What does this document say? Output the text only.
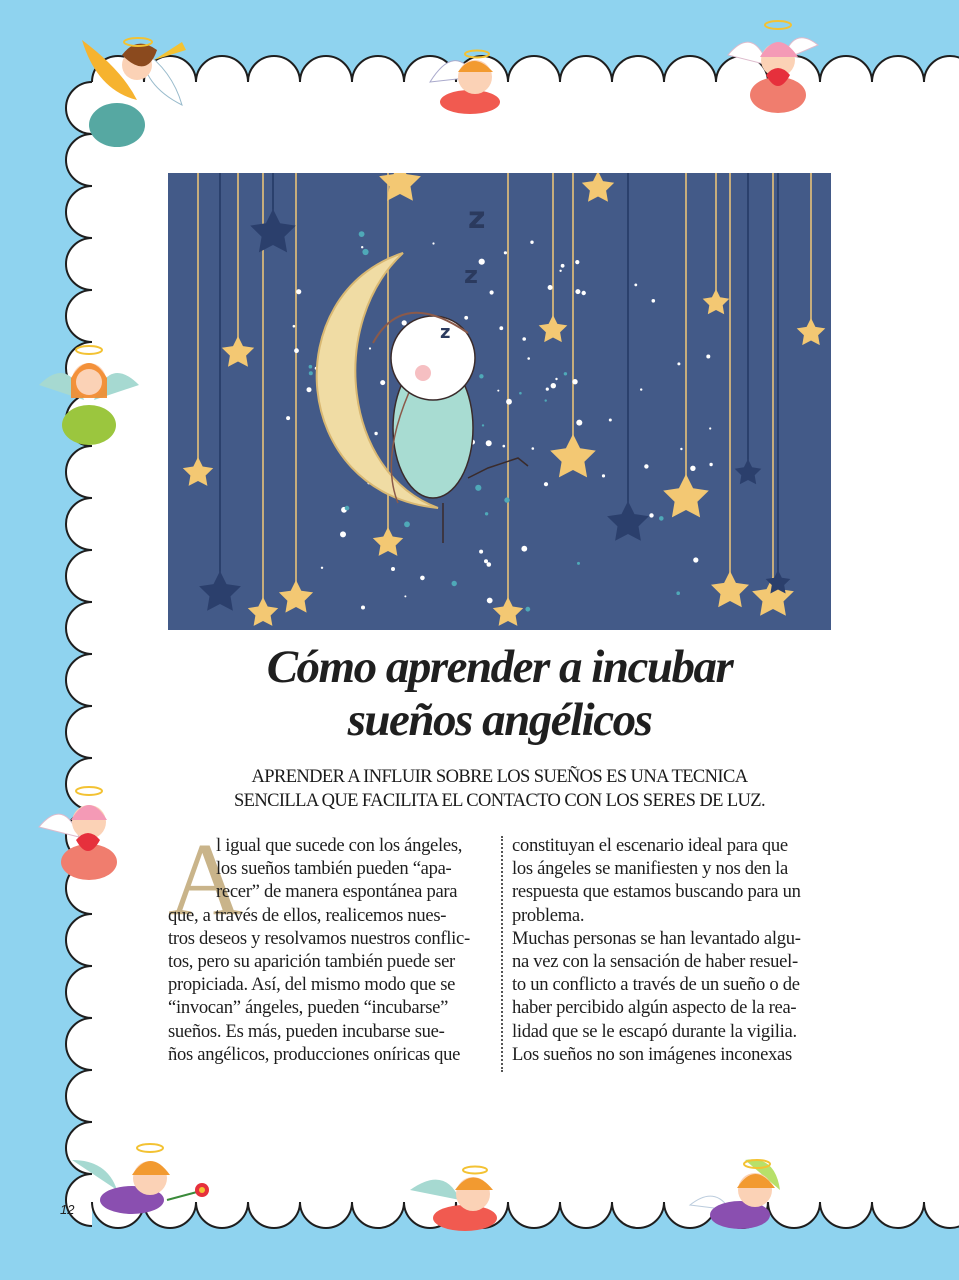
z
z
z
Cómo aprender a incubar
sueños angélicos
APRENDER A INFLUIR SOBRE LOS SUEÑOS ES UNA TECNICA
SENCILLA QUE FACILITA EL CONTACTO CON LOS SERES DE LUZ.
A
l igual que sucede con los ángeles,
los sueños también pueden “apa-
recer” de manera espontánea para
que, a través de ellos, realicemos nues-
tros deseos y resolvamos nuestros conflic-
tos, pero su aparición también puede ser
propiciada. Así, del mismo modo que se
“invocan” ángeles, pueden “incubarse”
sueños. Es más, pueden incubarse sue-
ños angélicos, producciones oníricas que
constituyan el escenario ideal para que
los ángeles se manifiesten y nos den la
respuesta que estamos buscando para un
problema.
Muchas personas se han levantado algu-
na vez con la sensación de haber resuel-
to un conflicto a través de un sueño o de
haber percibido algún aspecto de la rea-
lidad que se le escapó durante la vigilia.
Los sueños no son imágenes inconexas
12
